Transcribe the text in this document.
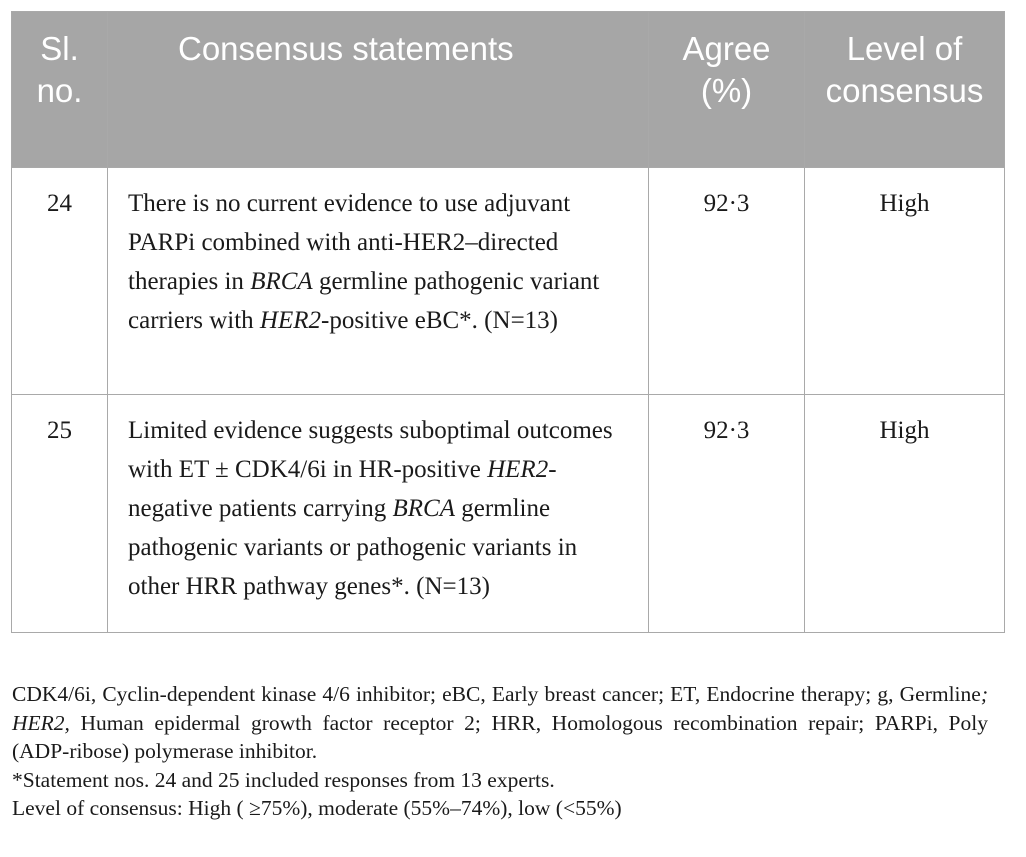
Sl. no.	Consensus statements	Agree (%)	Level of consensus
24	There is no current evidence to use adjuvant PARPi combined with anti-HER2–directed therapies in BRCA germline pathogenic variant carriers with HER2-positive eBC*. (N=13)	92·3	High
25	Limited evidence suggests suboptimal outcomes with ET ± CDK4/6i in HR-positive HER2-negative patients carrying BRCA germline pathogenic variants or pathogenic variants in other HRR pathway genes*. (N=13)	92·3	High

CDK4/6i, Cyclin-dependent kinase 4/6 inhibitor; eBC, Early breast cancer; ET, Endocrine therapy; g, Germline; HER2, Human epidermal growth factor receptor 2; HRR, Homologous recombination repair; PARPi, Poly (ADP-ribose) polymerase inhibitor.

*Statement nos. 24 and 25 included responses from 13 experts.

Level of consensus: High ( ≥75%), moderate (55%–74%), low (<55%)
